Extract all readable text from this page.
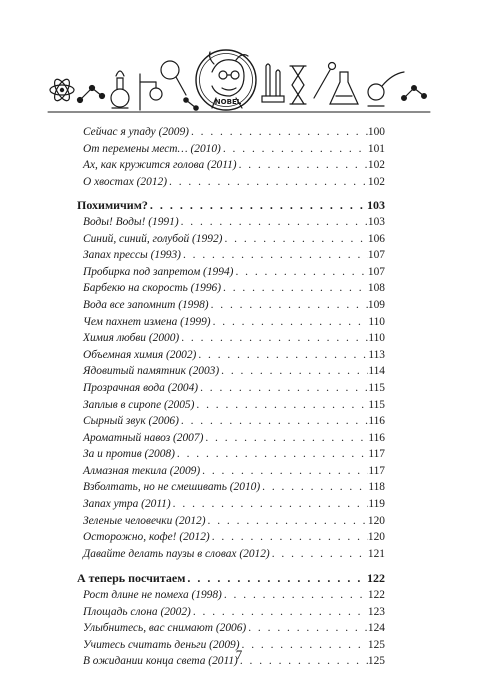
NOBEL
Сейчас я упаду (2009) . . .	100
От перемены мест… (2010) . . .	101
Ах, как кружится голова (2011) . . .	102
О хвостах (2012) . . .	102
Похимичим? . . .	103
Воды! Воды! (1991) . . .	103
Синий, синий, голубой (1992) . . .	106
Запах прессы (1993) . . .	107
Пробирка под запретом (1994) . . .	107
Барбекю на скорость (1996) . . .	108
Вода все запомнит (1998) . . .	109
Чем пахнет измена (1999) . . .	110
Химия любви (2000) . . .	110
Объемная химия (2002) . . .	113
Ядовитый памятник (2003) . . .	114
Прозрачная вода (2004) . . .	115
Заплыв в сиропе (2005) . . .	115
Сырный звук (2006) . . .	116
Ароматный навоз (2007) . . .	116
За и против (2008) . . .	117
Алмазная текила (2009) . . .	117
Взболтать, но не смешивать (2010) . . .	118
Запах утра (2011) . . .	119
Зеленые человечки (2012) . . .	120
Осторожно, кофе! (2012) . . .	120
Давайте делать паузы в словах (2012) . . .	121
А теперь посчитаем . . .	122
Рост длине не помеха (1998) . . .	122
Площадь слона (2002) . . .	123
Улыбнитесь, вас снимают (2006) . . .	124
Учитесь считать деньги (2009) . . .	125
В ожидании конца света (2011) . . .	125
7
